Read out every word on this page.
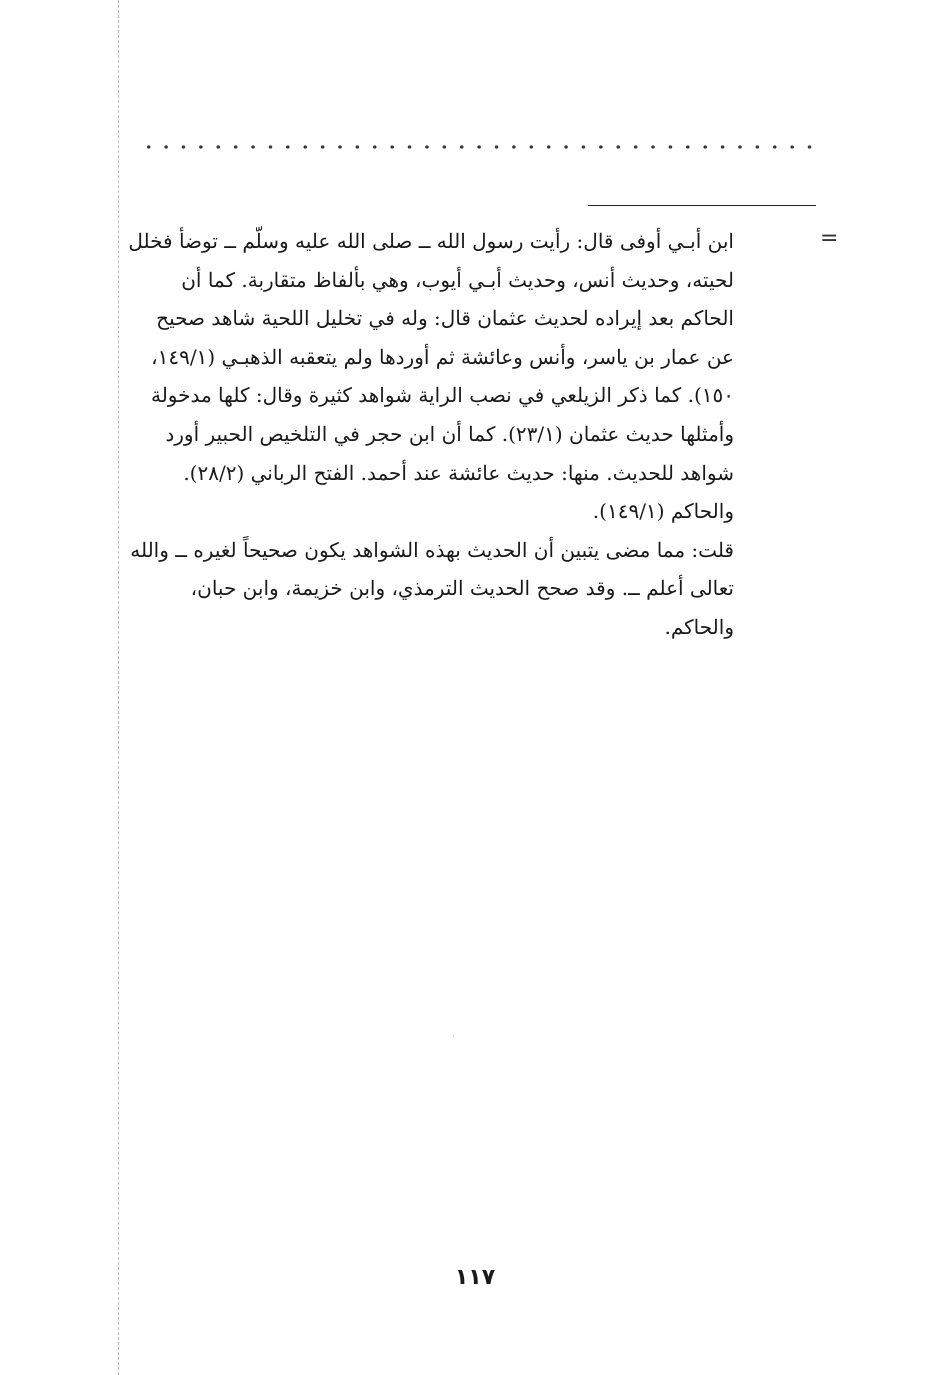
=
ابن أبـي أوفى قال: رأيت رسول الله ــ صلى الله عليه وسلّم ــ توضأ فخلل
لحيته، وحديث أنس، وحديث أبـي أيوب، وهي بألفاظ متقاربة. كما أن
الحاكم بعد إيراده لحديث عثمان قال: وله في تخليل اللحية شاهد صحيح
عن عمار بن ياسر، وأنس وعائشة ثم أوردها ولم يتعقبه الذهبـي (١٤٩/١،
١٥٠). كما ذكر الزيلعي في نصب الراية شواهد كثيرة وقال: كلها مدخولة
وأمثلها حديث عثمان (٢٣/١). كما أن ابن حجر في التلخيص الحبير أورد
شواهد للحديث. منها: حديث عائشة عند أحمد. الفتح الرباني (٢٨/٢).
والحاكم (١٤٩/١).
قلت: مما مضى يتبين أن الحديث بهذه الشواهد يكون صحيحاً لغيره ــ والله
تعالى أعلم ــ. وقد صحح الحديث الترمذي، وابن خزيمة، وابن حبان،
والحاكم.
١١٧
